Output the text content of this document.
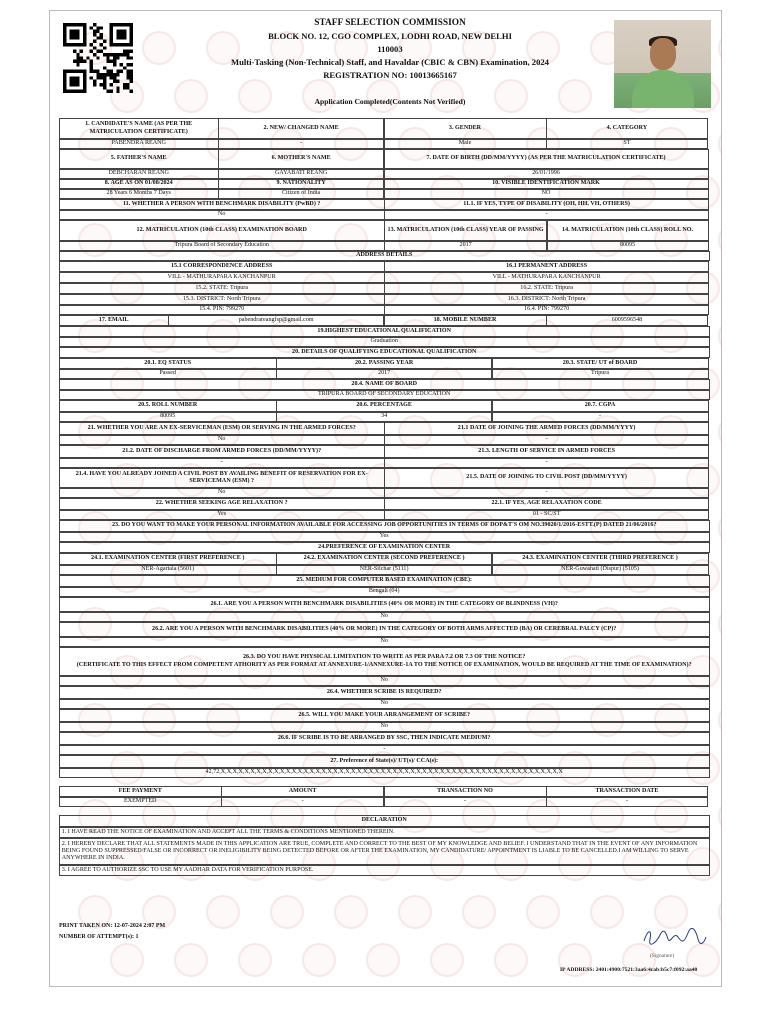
STAFF SELECTION COMMISSION
BLOCK NO. 12, CGO COMPLEX, LODHI ROAD, NEW DELHI
110003
Multi-Tasking (Non-Technical) Staff, and Havaldar (CBIC & CBN) Examination, 2024
REGISTRATION NO: 10013665167
Application Completed(Contents Not Verified)
1. CANDIDATE'S NAME (AS PER THE MATRICULATION CERTIFICATE)
2. NEW/ CHANGED NAME	3. GENDER	4. CATEGORY
PABENDRA REANG	-	Male	ST
5. FATHER'S NAME	6. MOTHER'S NAME	7. DATE OF BIRTH (DD/MM/YYYY) (AS PER THE MATRICULATION CERTIFICATE)
DEBCHARAN REANG	GAYABATI REANG	26/01/1996
8. AGE AS ON 01/08/2024	9. NATIONALITY	10. VISIBLE IDENTIFICATION MARK
28 Years 6 Months 7 Days	Citizen of India	NO
11. WHETHER A PERSON WITH BENCHMARK DISABILITY (PwBD) ?	11.1. IF YES, TYPE OF DISABILITY (OH, HH, VH, OTHERS)
No	-
12. MATRICULATION (10th CLASS) EXAMINATION BOARD	13. MATRICULATION (10th CLASS) YEAR OF PASSING	14. MATRICULATION (10th CLASS) ROLL NO.
Tripura Board of Secondary Education	2017	80095
ADDRESS DETAILS
15.1 CORRESPONDENCE ADDRESS	16.1 PERMANENT ADDRESS
VILL - MATHURAPARA KANCHANPUR	VILL - MATHURAPARA KANCHANPUR
15.2. STATE: Tripura	16.2. STATE: Tripura
15.3. DISTRICT: North Tripura	16.3. DISTRICT: North Tripura
15.4. PIN: 799270	16.4. PIN: 799270
17. EMAIL	pabendrareangfsp@gmail.com	18. MOBILE NUMBER	6009596548
19.HIGHEST EDUCATIONAL QUALIFICATION
Graduation
20. DETAILS OF QUALIFYING EDUCATIONAL QUALIFICATION
20.1. EQ STATUS	20.2. PASSING YEAR	20.3. STATE/ UT of BOARD
Passed	2017	Tripura
20.4. NAME OF BOARD
TRIPURA BOARD OF SECONDARY EDUCATION
20.5. ROLL NUMBER	20.6. PERCENTAGE	20.7. CGPA
80095	34	-
21. WHETHER YOU ARE AN EX-SERVICEMAN (ESM) OR SERVING IN THE ARMED FORCES?	21.1 DATE OF JOINING THE ARMED FORCES (DD/MM/YYYY)
No	-
21.2. DATE OF DISCHARGE FROM ARMED FORCES (DD/MM/YYYY)?	21.3. LENGTH OF SERVICE IN ARMED FORCES
-	-
21.4. HAVE YOU ALREADY JOINED A CIVIL POST BY AVAILING BENEFIT OF RESERVATION FOR EX-SERVICEMAN (ESM) ?
21.5. DATE OF JOINING TO CIVIL POST (DD/MM/YYYY)
No	-
22. WHETHER SEEKING AGE RELAXATION ?	22.1. IF YES, AGE RELAXATION CODE
Yes	01 - SC/ST
23. DO YOU WANT TO MAKE YOUR PERSONAL INFORMATION AVAILABLE FOR ACCESSING JOB OPPORTUNITIES IN TERMS OF DOP&T'S OM NO.39020/1/2016-ESTT.(P) DATED 21/06/2016?
Yes
24.PREFERENCE OF EXAMINATION CENTER
24.1. EXAMINATION CENTER (FIRST PREFERENCE )	24.2. EXAMINATION CENTER (SECOND PREFERENCE )	24.3. EXAMINATION CENTER (THIRD PREFERENCE )
NER-Agartala (5601)	NER-Silchar (5111)	NER-Guwahati (Dispur) (5105)
25. MEDIUM FOR COMPUTER BASED EXAMINATION (CBE):
Bengali (04)
26.1. ARE YOU A PERSON WITH BENCHMARK DISABILITIES (40% OR MORE) IN THE CATEGORY OF BLINDNESS (VH)?
No
26.2. ARE YOU A PERSON WITH BENCHMARK DISABILITIES (40% OR MORE) IN THE CATEGORY OF BOTH ARMS AFFECTED (BA) OR CEREBRAL PALCY (CP)?
No
26.3. DO YOU HAVE PHYSICAL LIMITATION TO WRITE AS PER PARA 7.2 OR 7.3 OF THE NOTICE?
(CERTIFICATE TO THIS EFFECT FROM COMPETENT ATHORITY AS PER FORMAT AT ANNEXURE-1/ANNEXURE-1A TO THE NOTICE OF EXAMINATION, WOULD BE REQUIRED AT THE TIME OF EXAMINATION)?
No
26.4. WHETHER SCRIBE IS REQUIRED?
No
26.5. WILL YOU MAKE YOUR ARRANGEMENT OF SCRIBE?
No
26.6. IF SCRIBE IS TO BE ARRANGED BY SSC, THEN INDICATE MEDIUM?
-
27. Preference of State(s)/ UT(s)/ CCA(s):
42,72,X,X,X,X,X,X,X,X,X,X,X,X,X,X,X,X,X,X,X,X,X,X,X,X,X,X,X,X,X,X,X,X,X,X,X,X,X,X,X,X,X,X,X,X,X,X,X,X,X,X,X,X,X,X,X,X,X,X
FEE PAYMENT	AMOUNT	TRANSACTION NO	TRANSACTION DATE
EXEMPTED	-	-	-
DECLARATION
1. I HAVE READ THE NOTICE OF EXAMINATION AND ACCEPT ALL THE TERMS & CONDITIONS MENTIONED THEREIN.
2. I HEREBY DECLARE THAT ALL STATEMENTS MADE IN THIS APPLICATION ARE TRUE, COMPLETE AND CORRECT TO THE BEST OF MY KNOWLEDGE AND BELIEF. I UNDERSTAND THAT IN THE EVENT OF ANY INFORMATION BEING FOUND SUPPRESSED/FALSE OR INCORRECT OR INELIGIBILITY BEING DETECTED BEFORE OR AFTER THE EXAMINATION, MY CANDIDATURE/ APPOINTMENT IS LIABLE TO BE CANCELLED.I AM WILLING TO SERVE ANYWHERE IN INDIA.
3. I AGREE TO AUTHORIZE SSC TO USE MY AADHAR DATA FOR VERIFICATION PURPOSE.
PRINT TAKEN ON: 12-07-2024 2:07 PM
NUMBER OF ATTEMPT(s): 1
(Signature)
IP ADDRESS: 2401:4900:7521:3aa6:4cab:b5c7:f092:aa40
